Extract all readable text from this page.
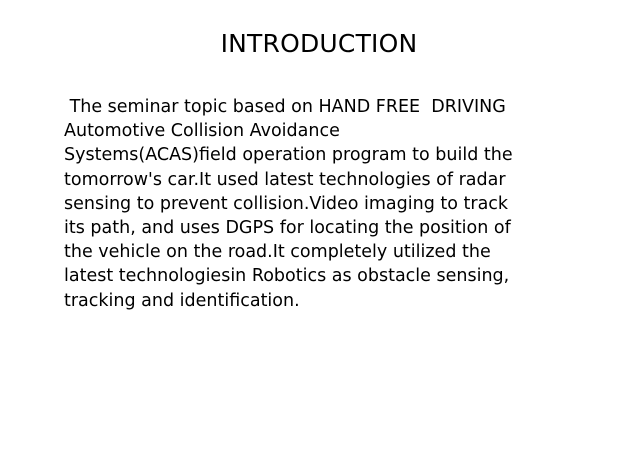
INTRODUCTION
The seminar topic based on HAND FREE  DRIVING
Automotive Collision Avoidance
Systems(ACAS)field operation program to build the
tomorrow's car.It used latest technologies of radar
sensing to prevent collision.Video imaging to track
its path, and uses DGPS for locating the position of
the vehicle on the road.It completely utilized the
latest technologiesin Robotics as obstacle sensing,
tracking and identification.
